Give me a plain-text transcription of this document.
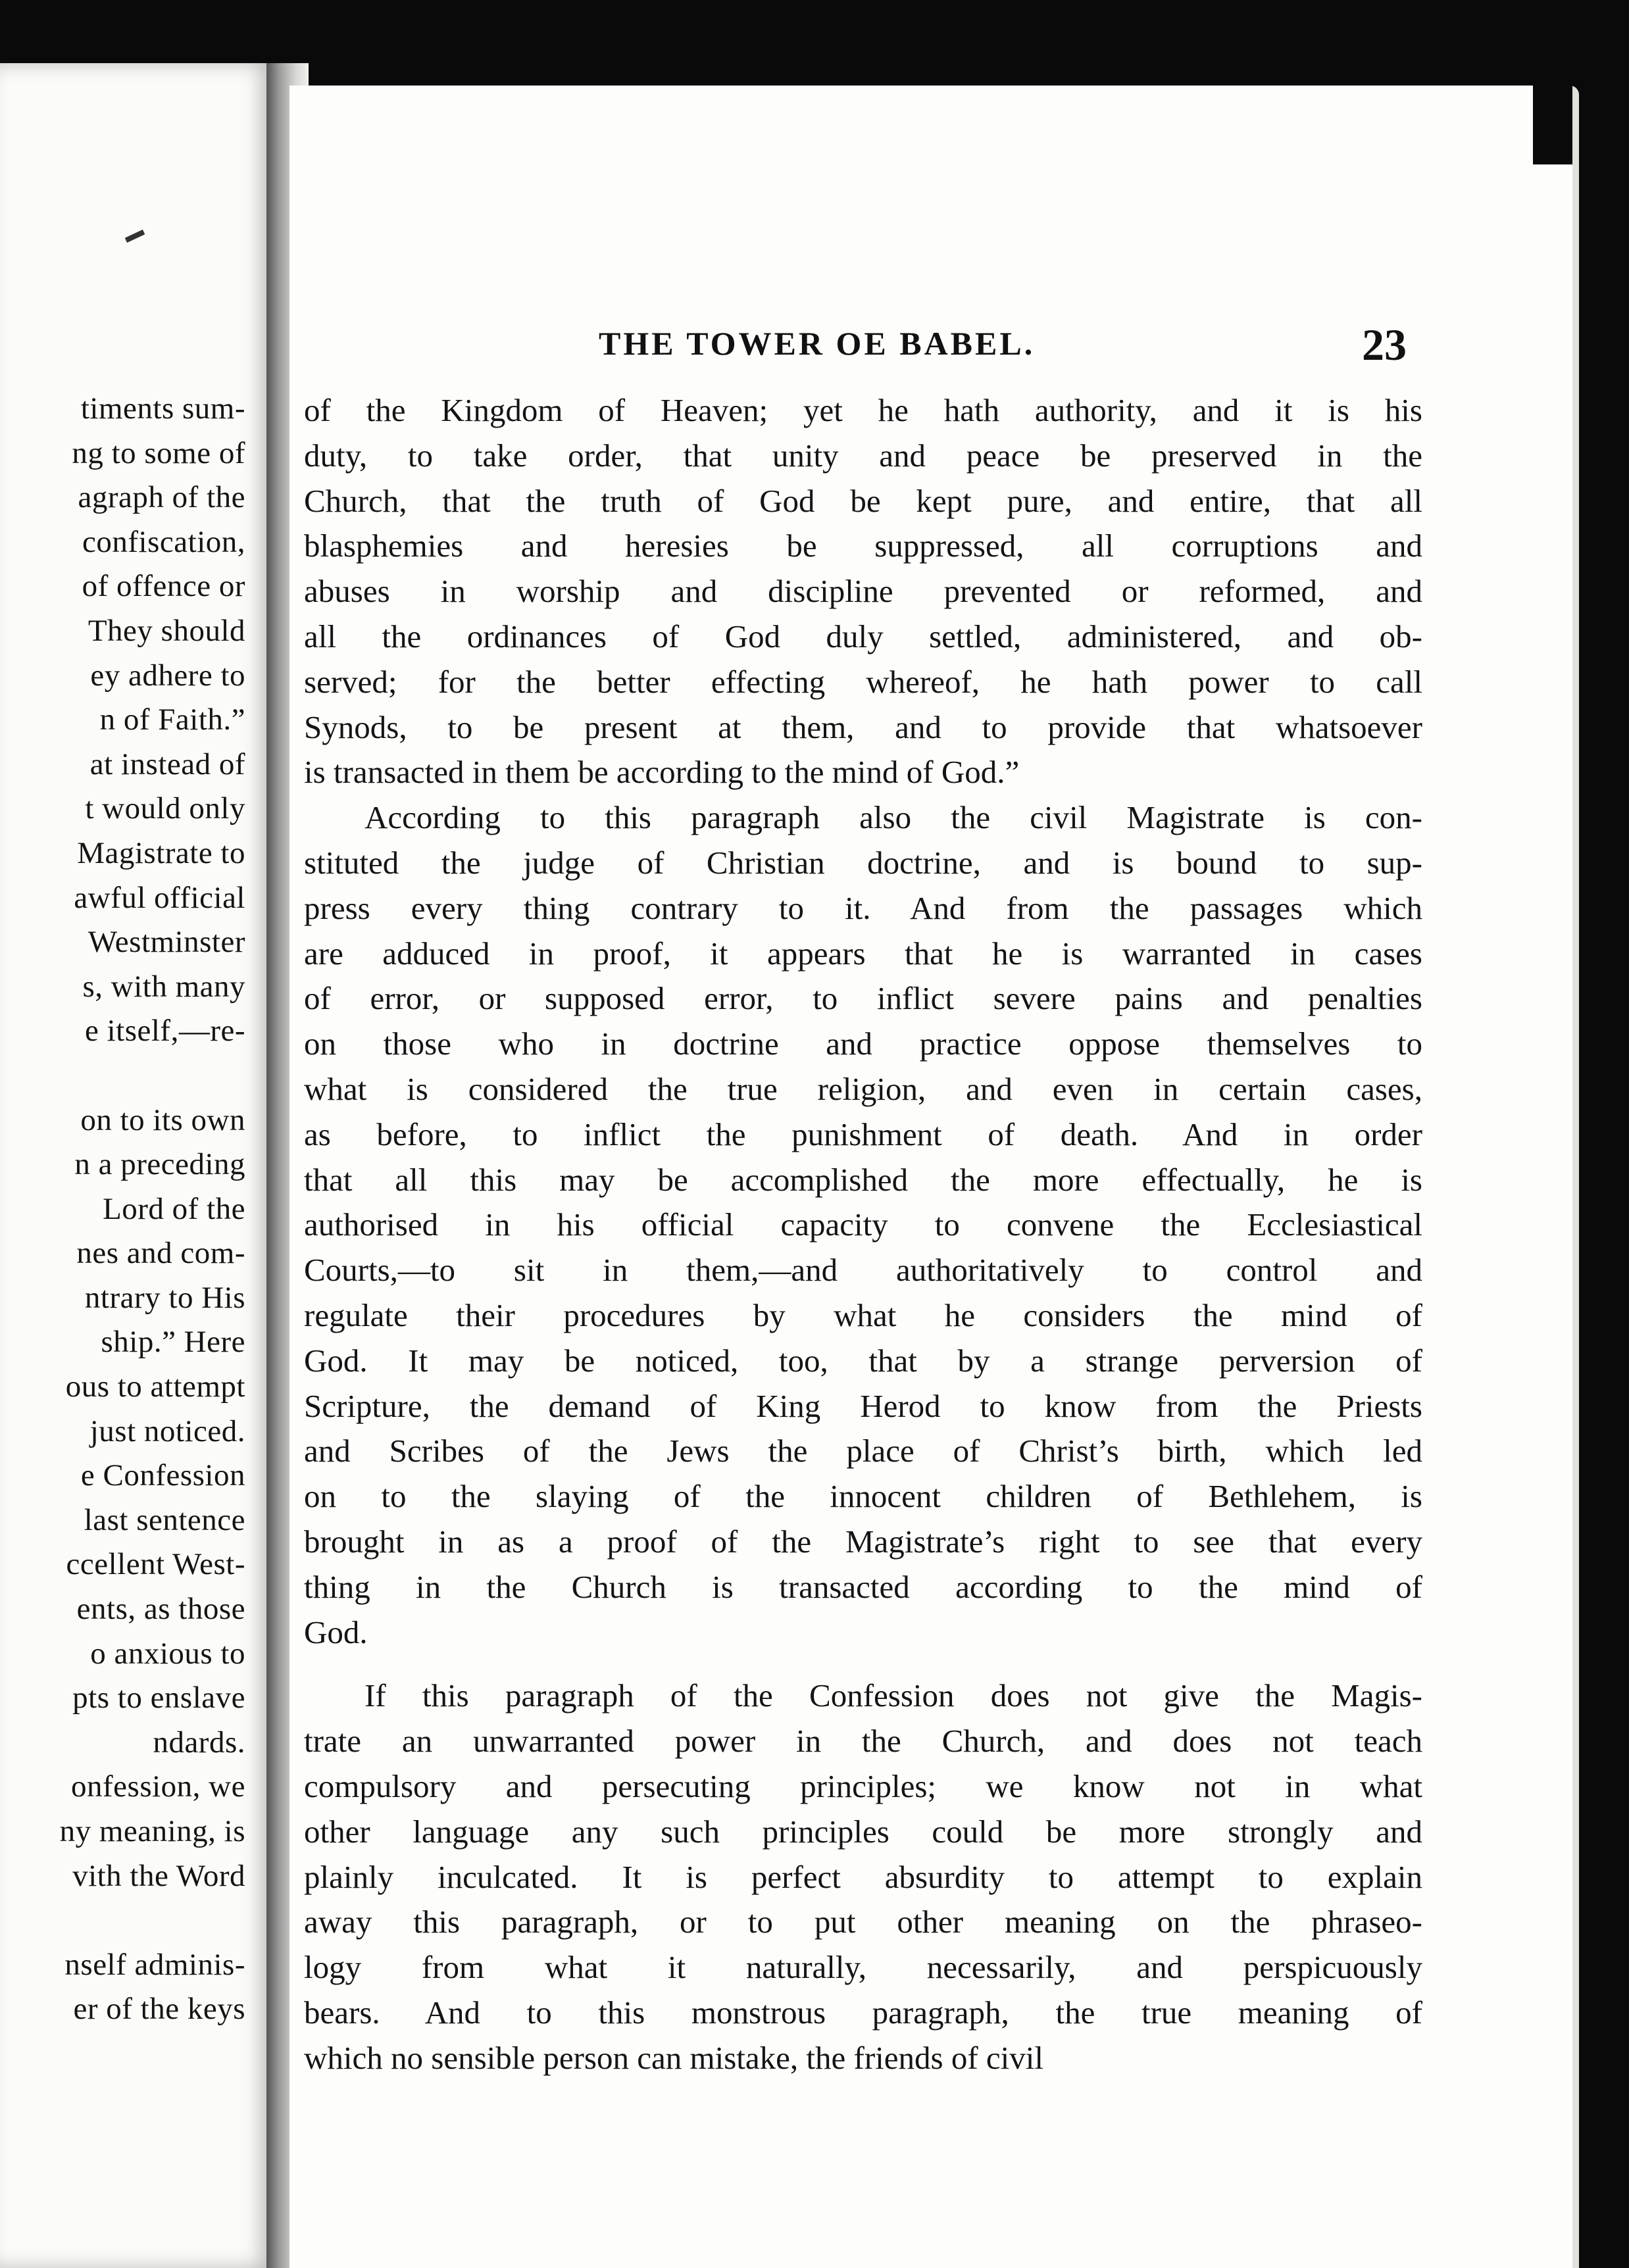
timents sum-
ng to some of
agraph of the
confiscation,
of offence or
They should
ey adhere to
n of Faith.”
at instead of
t would only
Magistrate to
awful official
Westminster
s, with many
e itself,—re-

on to its own
n a preceding
Lord of the
nes and com-
ntrary to His
ship.” Here
ous to attempt
just noticed.
e Confession
last sentence
ccellent West-
ents, as those
o anxious to
pts to enslave
ndards.
onfession, we
ny meaning, is
vith the Word

nself adminis-
er of the keys
THE TOWER OE BABEL.	23
of the Kingdom of Heaven; yet he hath authority, and it is his
duty, to take order, that unity and peace be preserved in the
Church, that the truth of God be kept pure, and entire, that all
blasphemies and heresies be suppressed, all corruptions and
abuses in worship and discipline prevented or reformed, and
all the ordinances of God duly settled, administered, and ob-
served; for the better effecting whereof, he hath power to call
Synods, to be present at them, and to provide that whatsoever
is transacted in them be according to the mind of God.”
According to this paragraph also the civil Magistrate is con-
stituted the judge of Christian doctrine, and is bound to sup-
press every thing contrary to it. And from the passages which
are adduced in proof, it appears that he is warranted in cases
of error, or supposed error, to inflict severe pains and penalties
on those who in doctrine and practice oppose themselves to
what is considered the true religion, and even in certain cases,
as before, to inflict the punishment of death. And in order
that all this may be accomplished the more effectually, he is
authorised in his official capacity to convene the Ecclesiastical
Courts,—to sit in them,—and authoritatively to control and
regulate their procedures by what he considers the mind of
God. It may be noticed, too, that by a strange perversion of
Scripture, the demand of King Herod to know from the Priests
and Scribes of the Jews the place of Christ’s birth, which led
on to the slaying of the innocent children of Bethlehem, is
brought in as a proof of the Magistrate’s right to see that every
thing in the Church is transacted according to the mind of
God.
If this paragraph of the Confession does not give the Magis-
trate an unwarranted power in the Church, and does not teach
compulsory and persecuting principles; we know not in what
other language any such principles could be more strongly and
plainly inculcated. It is perfect absurdity to attempt to explain
away this paragraph, or to put other meaning on the phraseo-
logy from what it naturally, necessarily, and perspicuously
bears. And to this monstrous paragraph, the true meaning of
which no sensible person can mistake, the friends of civil
